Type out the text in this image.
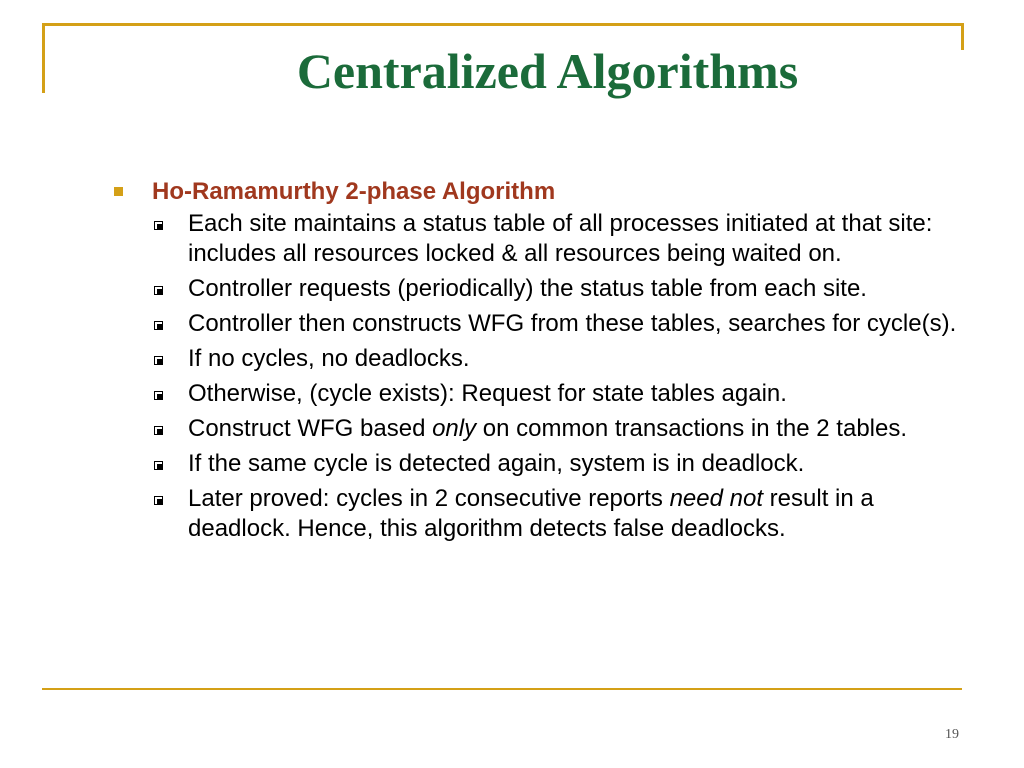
Centralized Algorithms
Ho-Ramamurthy 2-phase Algorithm
Each site maintains a status table of all processes initiated at that site: includes all resources locked & all resources being waited on.
Controller requests (periodically) the status table from each site.
Controller then constructs WFG from these tables, searches for cycle(s).
If no cycles, no deadlocks.
Otherwise, (cycle exists): Request for state tables again.
Construct WFG based only on common transactions in the 2 tables.
If the same cycle is detected again, system is in deadlock.
Later proved: cycles in 2 consecutive reports need not result in a deadlock. Hence, this algorithm detects false deadlocks.
19
